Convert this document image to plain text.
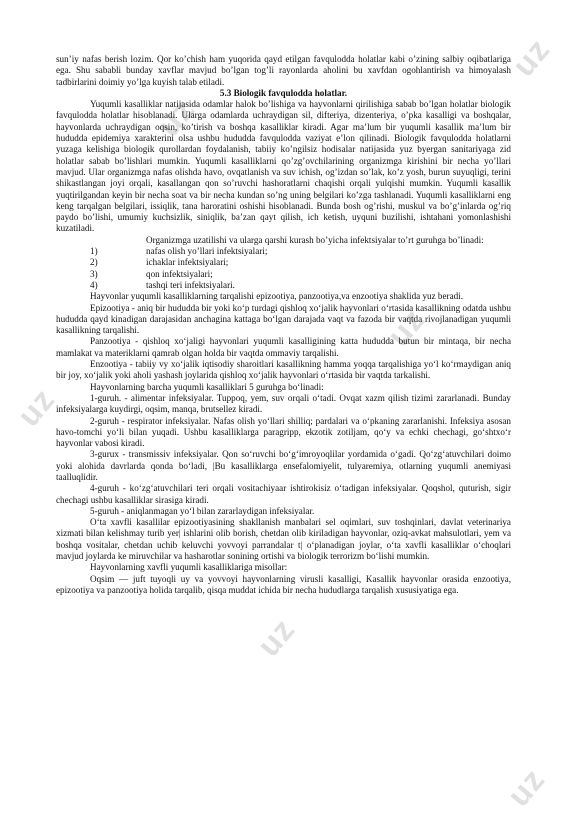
uz
uz
uz
uz
uz
uz

sun’iy nafas berish lozim. Qor ko’chish ham yuqorida qayd etilgan favqulodda holatlar kabi o’zining salbiy oqibatlariga ega. Shu sababli bunday xavflar mavjud bo’lgan tog’li rayonlarda aholini bu xavfdan ogohlantirish va himoyalash tadbirlarini doimiy yo’lga kuyish talab etiladi.

5.3 Biologik favqulodda holatlar.

Yuqumli kasalliklar natijasida odamlar halok bo’lishiga va hayvonlarni qirilishiga sabab bo’lgan holatlar biologik favqulodda holatlar hisoblanadi. Ularga odamlarda uchraydigan sil, difteriya, dizenteriya, o’pka kasalligi va boshqalar, hayvonlarda uchraydigan oqsin, ko’tirish va boshqa kasalliklar kiradi. Agar ma’lum bir yuqumli kasallik ma’lum bir hududda epidemiya xarakterini olsa ushbu hududda favqulodda vaziyat e’lon qilinadi. Biologik favqulodda holatlarni yuzaga kelishiga biologik qurollardan foydalanish, tabiiy ko’ngilsiz hodisalar natijasida yuz byergan sanitariyaga zid holatlar sabab bo’lishlari mumkin. Yuqumli kasalliklarni qo’zg’ovchilarining organizmga kirishini bir necha yo’llari mavjud. Ular organizmga nafas olishda havo, ovqatlanish va suv ichish, og’izdan so’lak, ko’z yosh, burun suyuqligi, terini shikastlangan joyi orqali, kasallangan qon so’ruvchi hashoratlarni chaqishi orqali yulqishi mumkin. Yuqumli kasallik yuqtirilgandan keyin bir necha soat va bir necha kundan so’ng uning belgilari ko’zga tashlanadi. Yuqumli kasalliklarni eng keng tarqalgan belgilari, issiqlik, tana haroratini oshishi hisoblanadi. Bunda bosh og’rishi, muskul va bo’g’inlarda og’riq paydo bo’lishi, umumiy kuchsizlik, siniqlik, ba’zan qayt qilish, ich ketish, uyquni buzilishi, ishtahani yomonlashishi kuzatiladi.

Organizmga uzatilishi va ularga qarshi kurash bo’yicha infektsiyalar to’rt guruhga bo’linadi:

1)	nafas olish yo’llari infektsiyalari;
2)	ichaklar infektsiyalari;
3)	qon infektsiyalari;
4)	tashqi teri infektsiyalari.

Hayvonlar yuqumli kasalliklarning tarqalishi epizootiya, panzootiya,va enzootiya shaklida yuz beradi.

Epizootiya - aniq bir hududda bir yoki ko‘p turdagi qishloq xo‘jalik hayvonlari o‘rtasida kasallikning odatda ushbu hududda qayd kinadigan darajasidan anchagina kattaga bo‘lgan darajada vaqt va fazoda bir vaqtda rivojlanadigan yuqumli kasallikning tarqalishi.

Panzootiya - qishloq xo‘jaligi hayvonlari yuqumli kasalligining katta hududda butun bir mintaqa, bir necha mamlakat va materiklarni qamrab olgan holda bir vaqtda ommaviy tarqalishi.

Enzootiya - tabiiy vy xo‘jalik iqtisodiy sharoitlari kasallikning hamma yoqqa tarqalishiga yo‘l ko‘rmaydigan aniq bir joy, xo‘jalik yoki aholi yashash joylarida qishloq xo‘jalik hayvonlari o‘rtasida bir vaqtda tarkalishi.

Hayvonlarning barcha yuqumli kasalliklari 5 guruhga bo‘linadi:

1-guruh. - alimentar infeksiyalar. Tuppoq, yem, suv orqali o‘tadi. Ovqat xazm qilish tizimi zararlanadi. Bunday infeksiyalarga kuydirgi, oqsim, manqa, brutsellez kiradi.

2-guruh - respirator infeksiyalar. Nafas olish yo‘llari shilliq; pardalari va o‘pkaning zararlanishi. Infeksiya asosan havo-tomchi yo‘li bilan yuqadi. Ushbu kasalliklarga paragripp, ekzotik zotiljam, qo‘y va echki chechagi, go‘shtxo‘r hayvonlar vabosi kiradi.

3-gurux - transmissiv infeksiyalar. Qon so‘ruvchi bo‘g‘imroyoqlilar yordamida o‘gadi. Qo‘zg‘atuvchilari doimo yoki alohida davrlarda qonda bo‘ladi, |Bu kasalliklarga ensefalomiyelit, tulyaremiya, otlarning yuqumli anemiyasi taalluqlidir.

4-guruh - ko‘zg‘atuvchilari teri orqali vositachiyaar ishtirokisiz o‘tadigan infeksiyalar. Qoqshol, quturish, sigir chechagi ushbu kasalliklar sirasiga kiradi.

5-guruh - aniqlanmagan yo‘l bilan zararlaydigan infeksiyalar.

O‘ta xavfli kasallilar epizootiyasining shakllanish manbalari sel oqimlari, suv toshqinlari, davlat veterinariya xizmati bilan kelishmay turib yer| ishlarini olib borish, chetdan olib kiriladigan hayvonlar, oziq-avkat mahsulotlari, yem va boshqa vositalar, chetdan uchib keluvchi yovvoyi parrandalar t| o‘planadigan joylar, o‘ta xavfli kasalliklar o‘choqlari mavjud joylarda ke miruvchilar va hasharotlar sonining ortishi va biologik terrorizm bo‘lishi mumkin.

Hayvonlarning xavfli yuqumli kasalliklariga misollar:

Oqsim — juft tuyoqli uy va yovvoyi hayvonlarning virusli kasalligi, Kasallik hayvonlar orasida enzootiya, epizootiya va panzootiya holida tarqalib, qisqa muddat ichida bir necha hududlarga tarqalish xususiyatiga ega.
